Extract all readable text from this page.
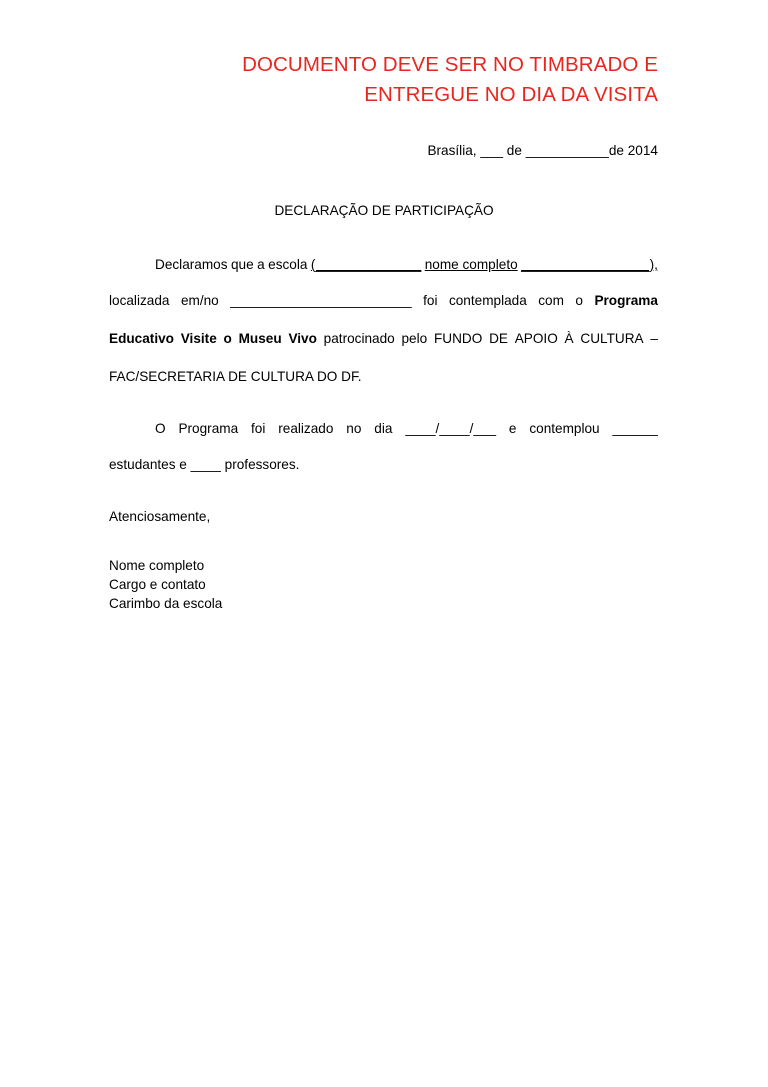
DOCUMENTO DEVE SER NO TIMBRADO E
ENTREGUE NO DIA DA VISITA
Brasília, ___ de ___________de 2014
DECLARAÇÃO DE PARTICIPAÇÃO
Declaramos que a escola (______________ nome completo _________________),
localizada em/no ________________________ foi contemplada com o Programa
Educativo Visite o Museu Vivo patrocinado pelo FUNDO DE APOIO À CULTURA –
FAC/SECRETARIA DE CULTURA DO DF.
O Programa foi realizado no dia ____/____/___ e contemplou ______
estudantes e ____ professores.
Atenciosamente,
Nome completo
Cargo e contato
Carimbo da escola
